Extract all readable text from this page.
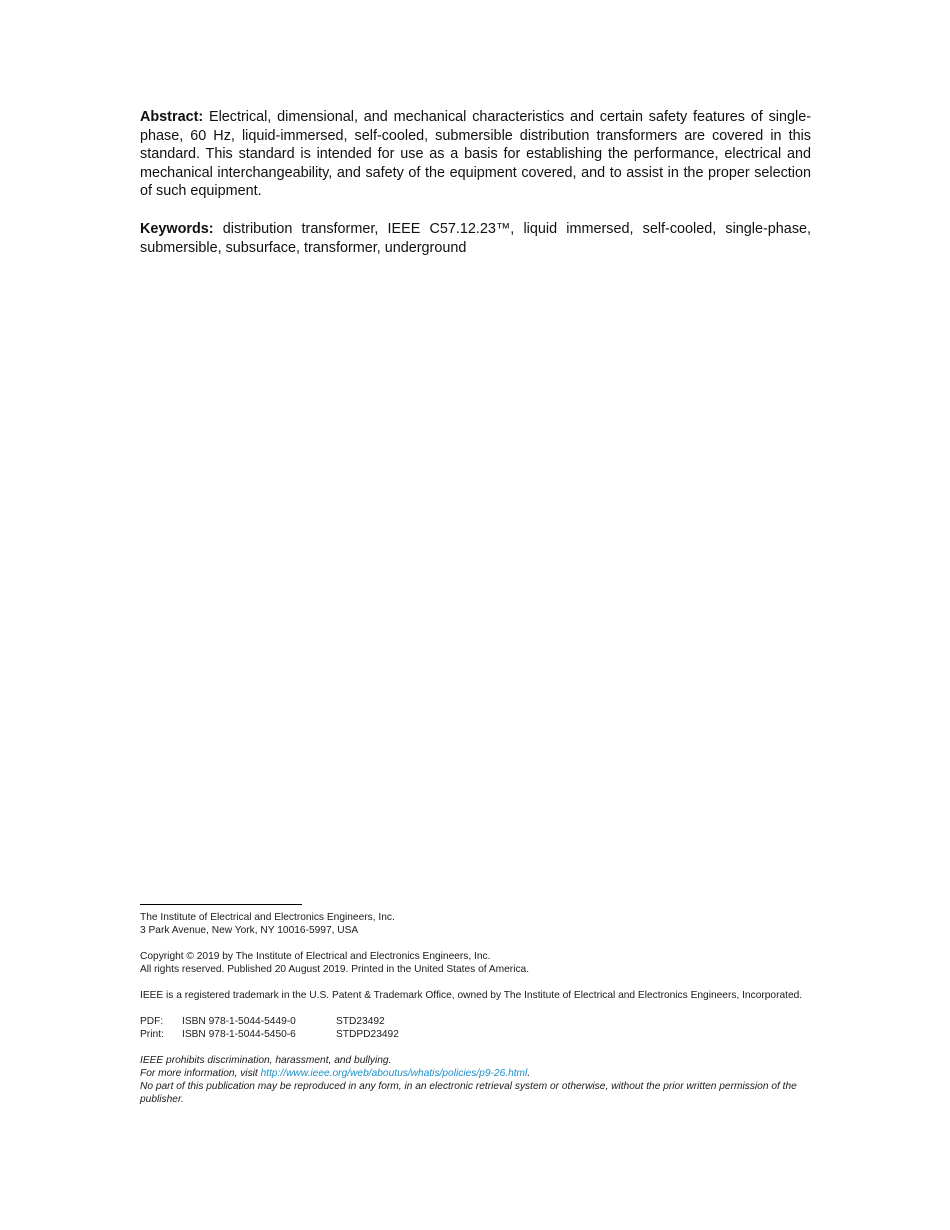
Abstract: Electrical, dimensional, and mechanical characteristics and certain safety features of single-phase, 60 Hz, liquid-immersed, self-cooled, submersible distribution transformers are covered in this standard. This standard is intended for use as a basis for establishing the performance, electrical and mechanical interchangeability, and safety of the equipment covered, and to assist in the proper selection of such equipment.

Keywords: distribution transformer, IEEE C57.12.23™, liquid immersed, self-cooled, single-phase, submersible, subsurface, transformer, underground

The Institute of Electrical and Electronics Engineers, Inc.

3 Park Avenue, New York, NY 10016-5997, USA

Copyright © 2019 by The Institute of Electrical and Electronics Engineers, Inc.

All rights reserved. Published 20 August 2019. Printed in the United States of America.

IEEE is a registered trademark in the U.S. Patent & Trademark Office, owned by The Institute of Electrical and Electronics Engineers, Incorporated.

PDF:	ISBN 978-1-5044-5449-0	STD23492
Print:	ISBN 978-1-5044-5450-6	STDPD23492

IEEE prohibits discrimination, harassment, and bullying.

For more information, visit http://www.ieee.org/web/aboutus/whatis/policies/p9-26.html.

No part of this publication may be reproduced in any form, in an electronic retrieval system or otherwise, without the prior written permission of the publisher.
